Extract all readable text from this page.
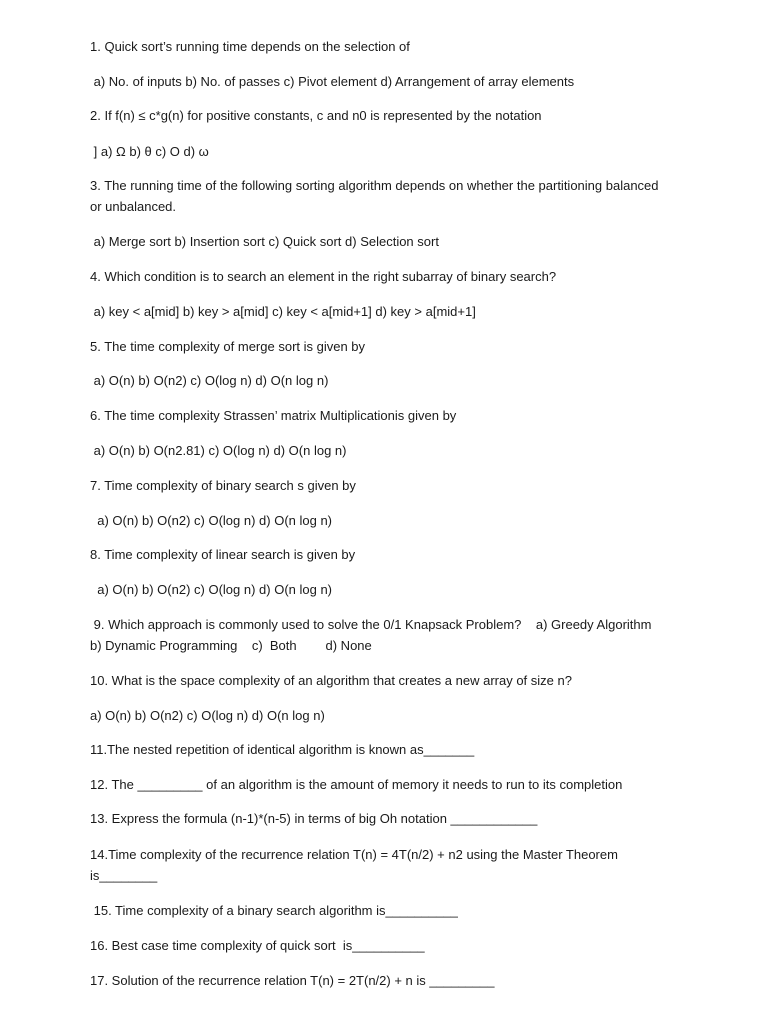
1. Quick sort’s running time depends on the selection of
a) No. of inputs b) No. of passes c) Pivot element d) Arrangement of array elements
2. If f(n) ≤ c*g(n) for positive constants, c and n0 is represented by the notation
] a) Ω b) θ c) O d) ω
3. The running time of the following sorting algorithm depends on whether the partitioning balanced or unbalanced.
a) Merge sort b) Insertion sort c) Quick sort d) Selection sort
4. Which condition is to search an element in the right subarray of binary search?
a) key < a[mid] b) key > a[mid] c) key < a[mid+1] d) key > a[mid+1]
5. The time complexity of merge sort is given by
a) O(n) b) O(n2) c) O(log n) d) O(n log n)
6. The time complexity Strassen’ matrix Multiplicationis given by
a) O(n) b) O(n2.81) c) O(log n) d) O(n log n)
7. Time complexity of binary search s given by
a) O(n) b) O(n2) c) O(log n) d) O(n log n)
8. Time complexity of linear search is given by
a) O(n) b) O(n2) c) O(log n) d) O(n log n)
9. Which approach is commonly used to solve the 0/1 Knapsack Problem?    a) Greedy Algorithm    b) Dynamic Programming    c)  Both        d) None
10. What is the space complexity of an algorithm that creates a new array of size n?
a) O(n) b) O(n2) c) O(log n) d) O(n log n)
11.The nested repetition of identical algorithm is known as_______
12. The _________ of an algorithm is the amount of memory it needs to run to its completion
13. Express the formula (n-1)*(n-5) in terms of big Oh notation ____________
14.Time complexity of the recurrence relation T(n) = 4T(n/2) + n2 using the Master Theorem is________
15. Time complexity of a binary search algorithm is__________
16. Best case time complexity of quick sort  is__________
17. Solution of the recurrence relation T(n) = 2T(n/2) + n is _________
